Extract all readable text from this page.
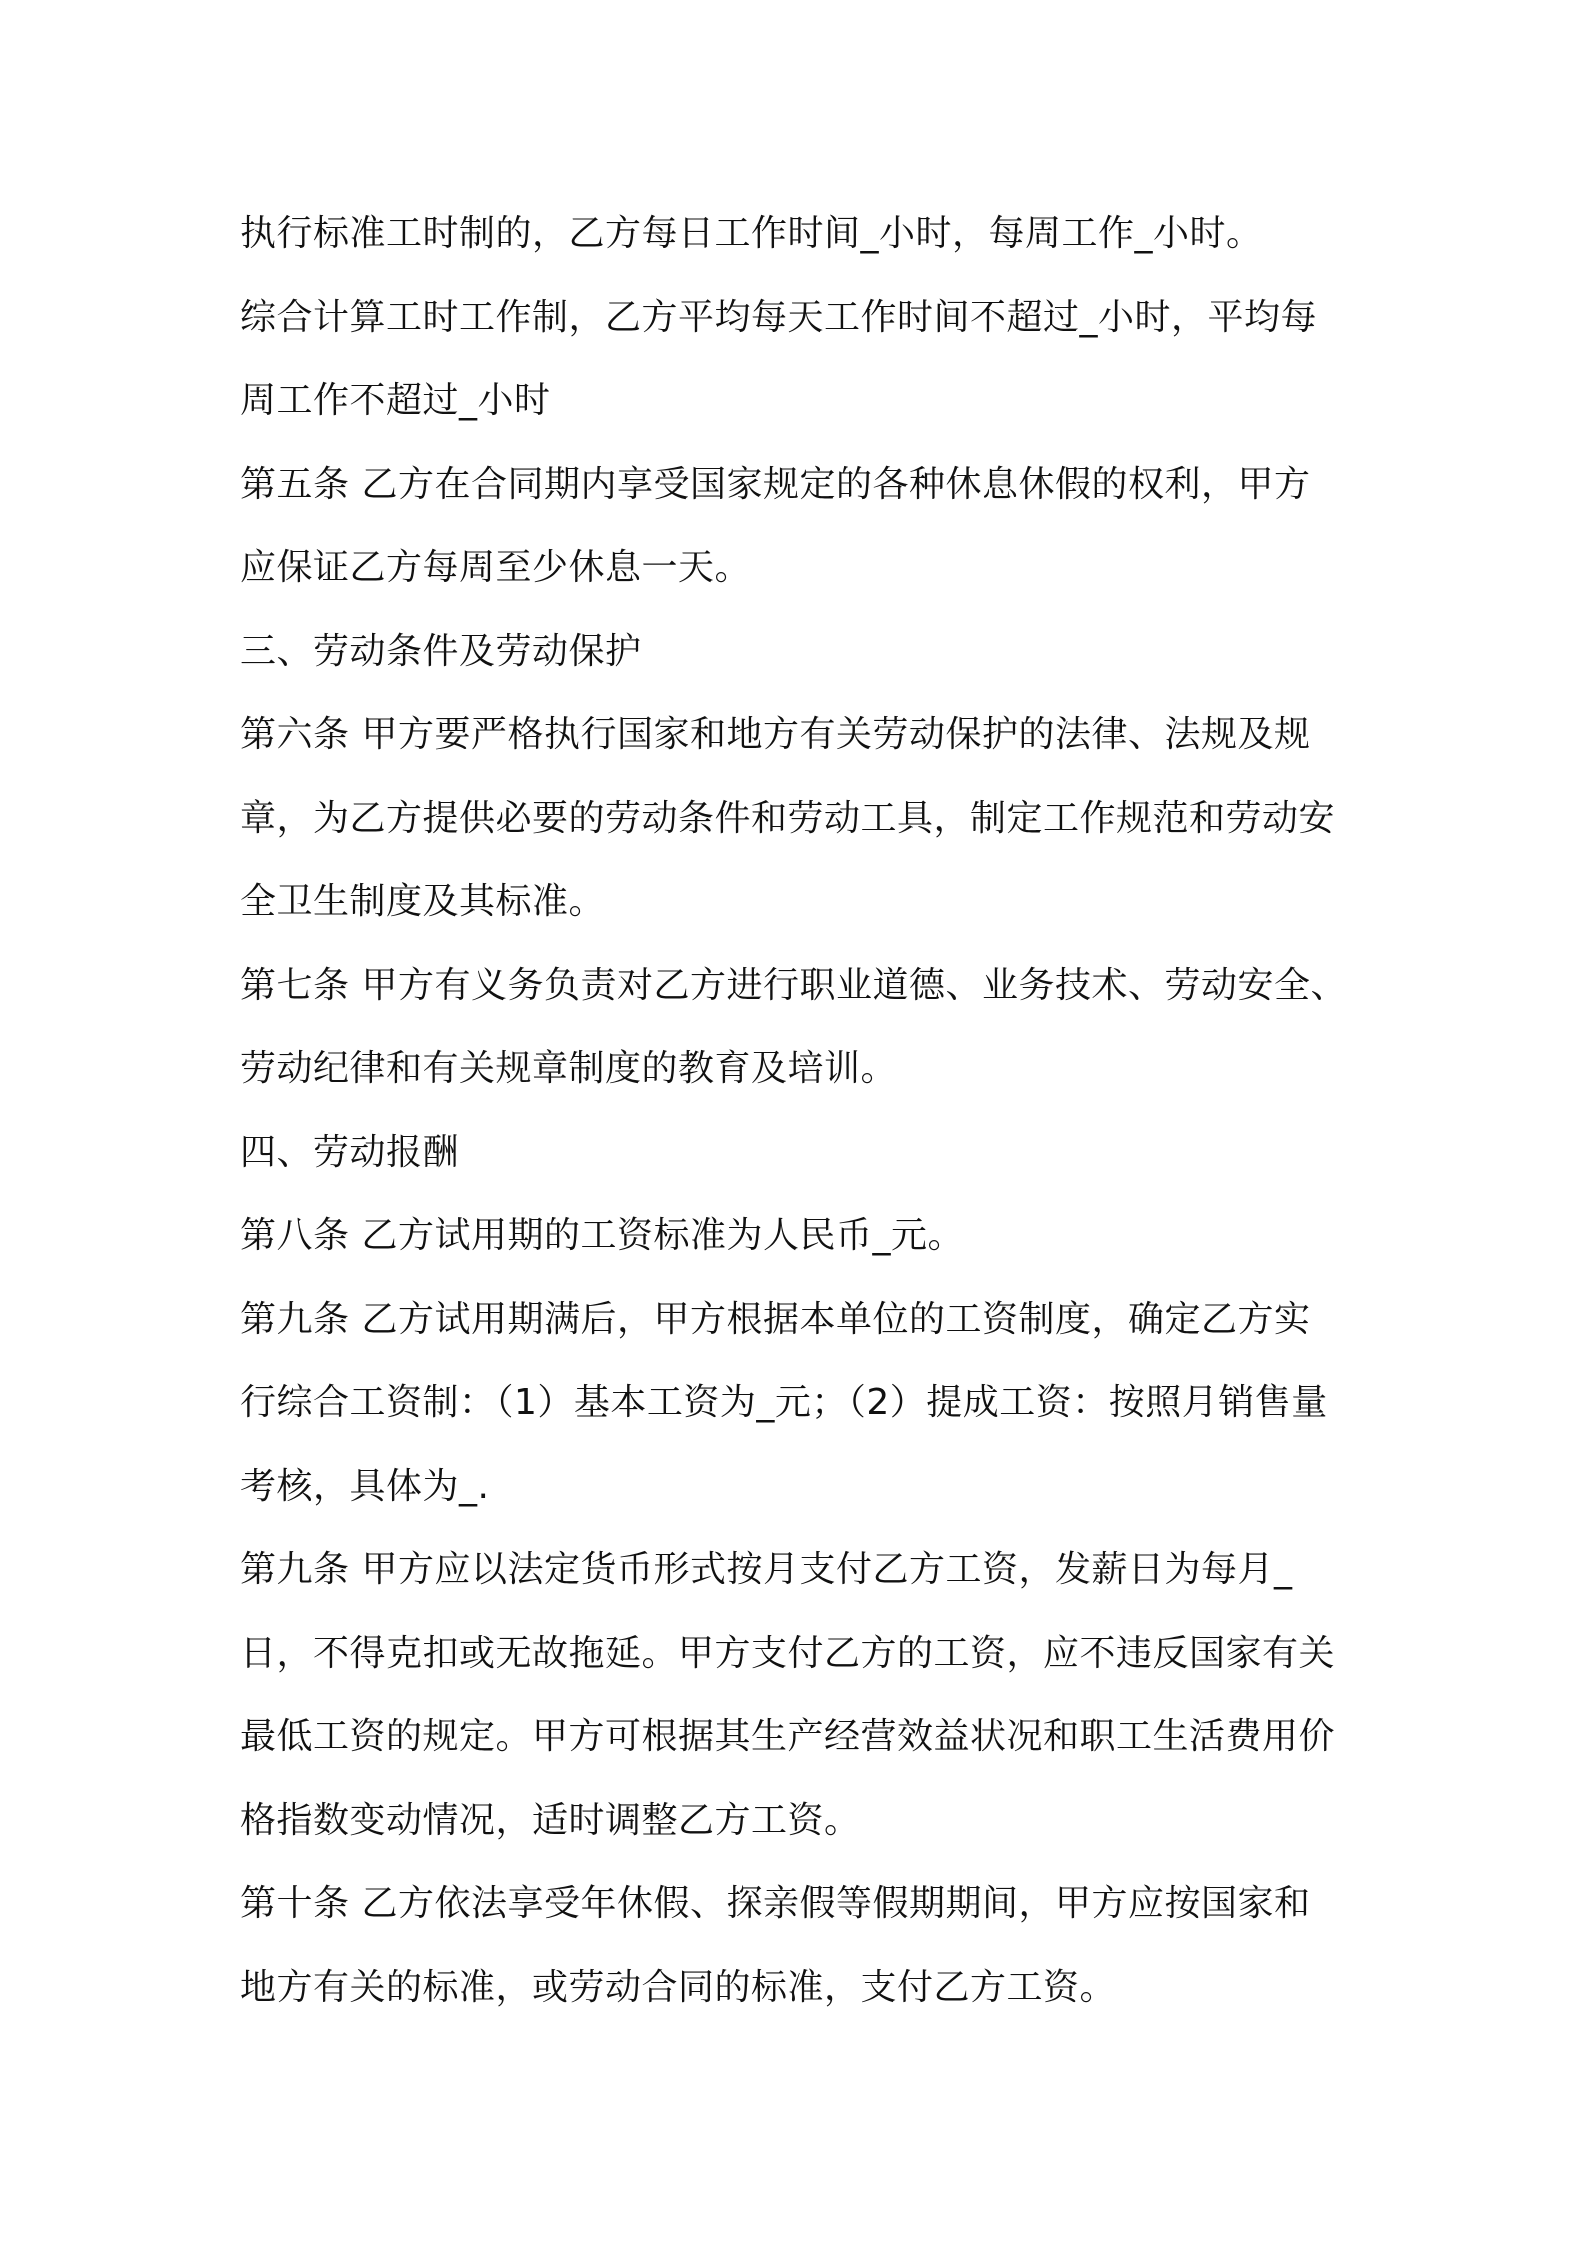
执行标准工时制的，乙方每日工作时间_小时，每周工作_小时。
综合计算工时工作制，乙方平均每天工作时间不超过_小时，平均每
周工作不超过_小时
第五条 乙方在合同期内享受国家规定的各种休息休假的权利，甲方
应保证乙方每周至少休息一天。
三、劳动条件及劳动保护
第六条 甲方要严格执行国家和地方有关劳动保护的法律、法规及规
章，为乙方提供必要的劳动条件和劳动工具，制定工作规范和劳动安
全卫生制度及其标准。
第七条 甲方有义务负责对乙方进行职业道德、业务技术、劳动安全、
劳动纪律和有关规章制度的教育及培训。
四、劳动报酬
第八条 乙方试用期的工资标准为人民币_元。
第九条 乙方试用期满后，甲方根据本单位的工资制度，确定乙方实
行综合工资制：（1）基本工资为_元；（2）提成工资：按照月销售量
考核，具体为_.
第九条 甲方应以法定货币形式按月支付乙方工资，发薪日为每月_
日，不得克扣或无故拖延。甲方支付乙方的工资，应不违反国家有关
最低工资的规定。甲方可根据其生产经营效益状况和职工生活费用价
格指数变动情况，适时调整乙方工资。
第十条 乙方依法享受年休假、探亲假等假期期间，甲方应按国家和
地方有关的标准，或劳动合同的标准，支付乙方工资。
